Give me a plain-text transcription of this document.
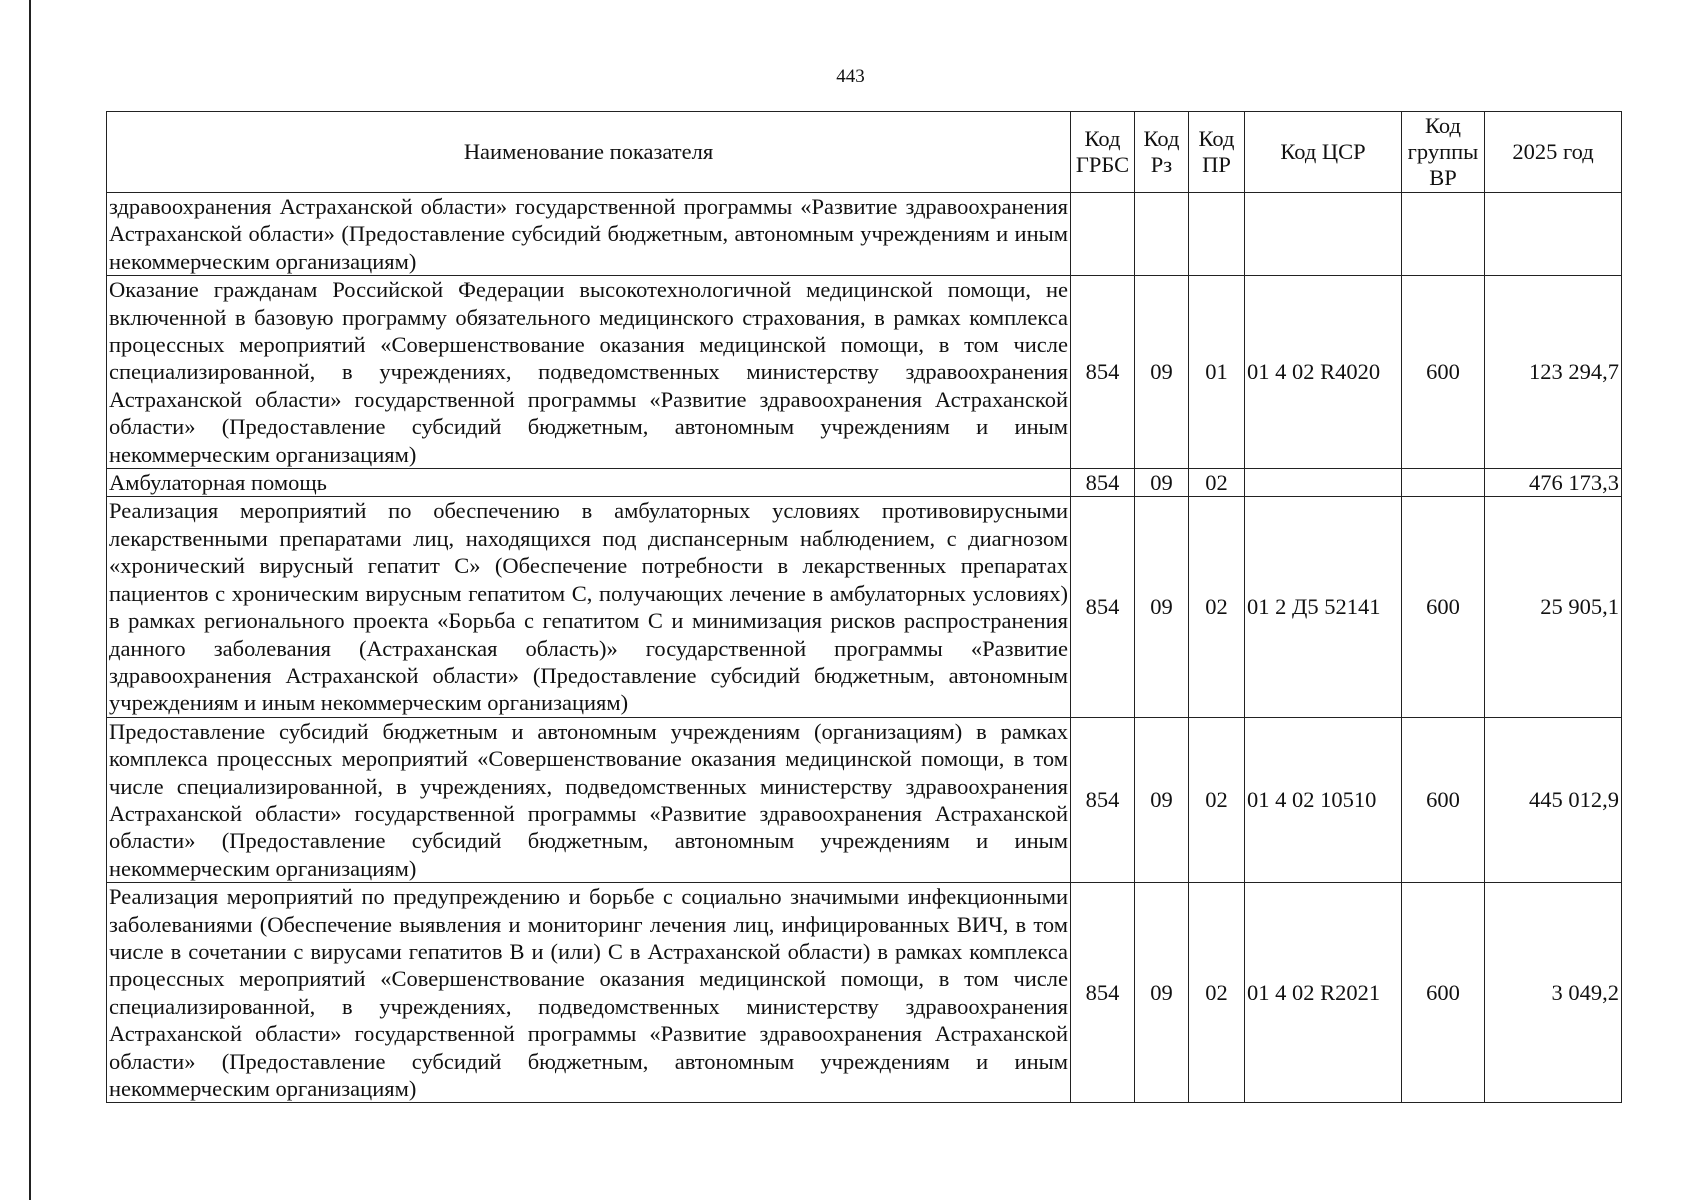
443
Наименование показателя	Код ГРБС	Код Рз	Код ПР	Код ЦСР	Код группы ВР	2025 год
здравоохранения Астраханской области» государственной программы «Развитие здравоохранения Астраханской области» (Предоставление субсидий бюджетным, автономным учреждениям и иным некоммерческим организациям)						
Оказание гражданам Российской Федерации высокотехнологичной медицинской помощи, не включенной в базовую программу обязательного медицинского страхования, в рамках комплекса процессных мероприятий «Совершенствование оказания медицинской помощи, в том числе специализированной, в учреждениях, подведомственных министерству здравоохранения Астраханской области» государственной программы «Развитие здравоохранения Астраханской области» (Предоставление субсидий бюджетным, автономным учреждениям и иным некоммерческим организациям)	854	09	01	01 4 02 R4020	600	123 294,7
Амбулаторная помощь	854	09	02			476 173,3
Реализация мероприятий по обеспечению в амбулаторных условиях противовирусными лекарственными препаратами лиц, находящихся под диспансерным наблюдением, с диагнозом «хронический вирусный гепатит С» (Обеспечение потребности в лекарственных препаратах пациентов с хроническим вирусным гепатитом С, получающих лечение в амбулаторных условиях) в рамках регионального проекта «Борьба с гепатитом С и минимизация рисков распространения данного заболевания (Астраханская область)» государственной программы «Развитие здравоохранения Астраханской области» (Предоставление субсидий бюджетным, автономным учреждениям и иным некоммерческим организациям)	854	09	02	01 2 Д5 52141	600	25 905,1
Предоставление субсидий бюджетным и автономным учреждениям (организациям) в рамках комплекса процессных мероприятий «Совершенствование оказания медицинской помощи, в том числе специализированной, в учреждениях, подведомственных министерству здравоохранения Астраханской области» государственной программы «Развитие здравоохранения Астраханской области» (Предоставление субсидий бюджетным, автономным учреждениям и иным некоммерческим организациям)	854	09	02	01 4 02 10510	600	445 012,9
Реализация мероприятий по предупреждению и борьбе с социально значимыми инфекционными заболеваниями (Обеспечение выявления и мониторинг лечения лиц, инфицированных ВИЧ, в том числе в сочетании с вирусами гепатитов B и (или) C в Астраханской области) в рамках комплекса процессных мероприятий «Совершенствование оказания медицинской помощи, в том числе специализированной, в учреждениях, подведомственных министерству здравоохранения Астраханской области» государственной программы «Развитие здравоохранения Астраханской области» (Предоставление субсидий бюджетным, автономным учреждениям и иным некоммерческим организациям)	854	09	02	01 4 02 R2021	600	3 049,2
